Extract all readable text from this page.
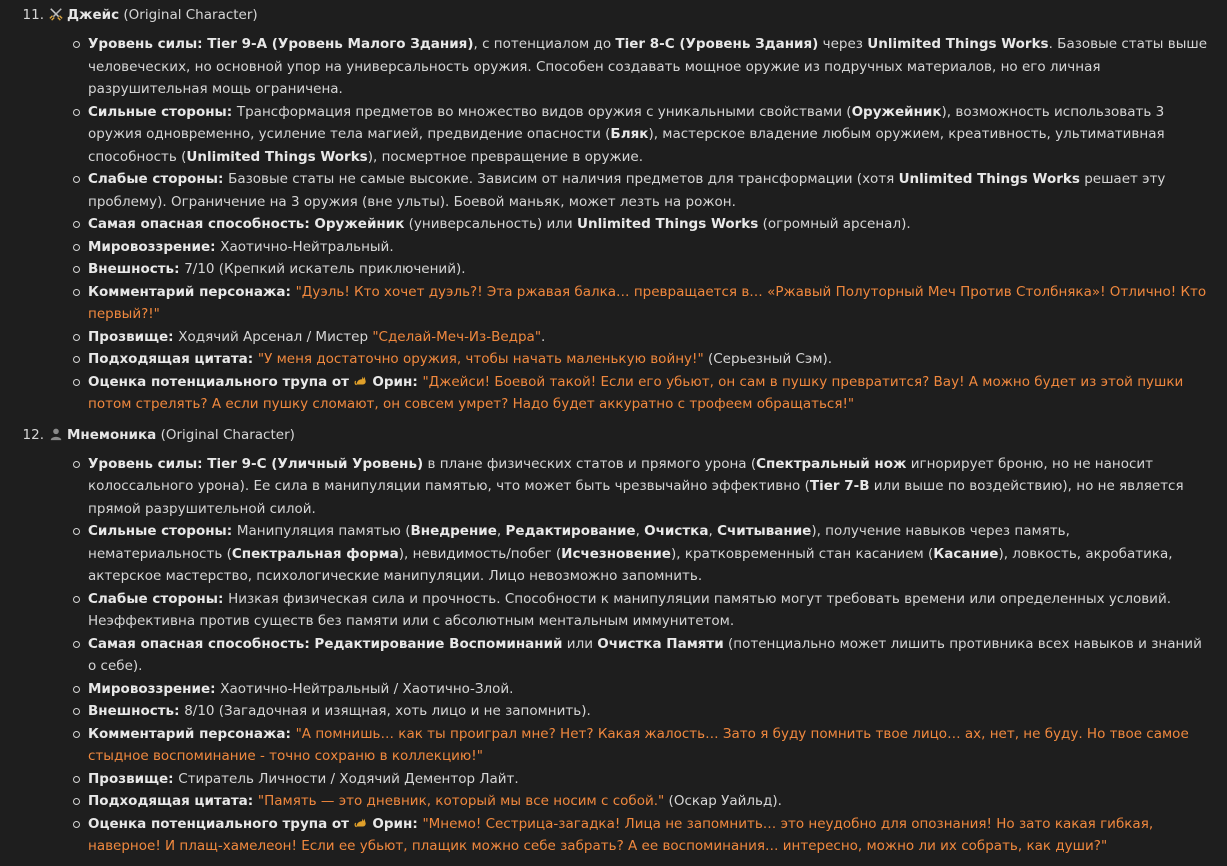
11. Джейс (Original Character)
Уровень силы: Tier 9-A (Уровень Малого Здания), с потенциалом до Tier 8-C (Уровень Здания) через Unlimited Things Works. Базовые статы выше человеческих, но основной упор на универсальность оружия. Способен создавать мощное оружие из подручных материалов, но его личная разрушительная мощь ограничена.
Сильные стороны: Трансформация предметов во множество видов оружия с уникальными свойствами (Оружейник), возможность использовать 3 оружия одновременно, усиление тела магией, предвидение опасности (Бляк), мастерское владение любым оружием, креативность, ультимативная способность (Unlimited Things Works), посмертное превращение в оружие.
Слабые стороны: Базовые статы не самые высокие. Зависим от наличия предметов для трансформации (хотя Unlimited Things Works решает эту проблему). Ограничение на 3 оружия (вне ульты). Боевой маньяк, может лезть на рожон.
Самая опасная способность: Оружейник (универсальность) или Unlimited Things Works (огромный арсенал).
Мировоззрение: Хаотично-Нейтральный.
Внешность: 7/10 (Крепкий искатель приключений).
Комментарий персонажа: "Дуэль! Кто хочет дуэль?! Эта ржавая балка… превращается в… «Ржавый Полуторный Меч Против Столбняка»! Отлично! Кто первый?!"
Прозвище: Ходячий Арсенал / Мистер "Сделай-Меч-Из-Ведра".
Подходящая цитата: "У меня достаточно оружия, чтобы начать маленькую войну!" (Серьезный Сэм).
Оценка потенциального трупа от  Орин: "Джейси! Боевой такой! Если его убьют, он сам в пушку превратится? Вау! А можно будет из этой пушки потом стрелять? А если пушку сломают, он совсем умрет? Надо будет аккуратно с трофеем обращаться!"
12. Мнемоника (Original Character)
Уровень силы: Tier 9-C (Уличный Уровень) в плане физических статов и прямого урона (Спектральный нож игнорирует броню, но не наносит колоссального урона). Ее сила в манипуляции памятью, что может быть чрезвычайно эффективно (Tier 7-B или выше по воздействию), но не является прямой разрушительной силой.
Сильные стороны: Манипуляция памятью (Внедрение, Редактирование, Очистка, Считывание), получение навыков через память, нематериальность (Спектральная форма), невидимость/побег (Исчезновение), кратковременный стан касанием (Касание), ловкость, акробатика, актерское мастерство, психологические манипуляции. Лицо невозможно запомнить.
Слабые стороны: Низкая физическая сила и прочность. Способности к манипуляции памятью могут требовать времени или определенных условий. Неэффективна против существ без памяти или с абсолютным ментальным иммунитетом.
Самая опасная способность: Редактирование Воспоминаний или Очистка Памяти (потенциально может лишить противника всех навыков и знаний о себе).
Мировоззрение: Хаотично-Нейтральный / Хаотично-Злой.
Внешность: 8/10 (Загадочная и изящная, хоть лицо и не запомнить).
Комментарий персонажа: "А помнишь… как ты проиграл мне? Нет? Какая жалость… Зато я буду помнить твое лицо… ах, нет, не буду. Но твое самое стыдное воспоминание - точно сохраню в коллекцию!"
Прозвище: Стиратель Личности / Ходячий Дементор Лайт.
Подходящая цитата: "Память — это дневник, который мы все носим с собой." (Оскар Уайльд).
Оценка потенциального трупа от  Орин: "Мнемо! Сестрица-загадка! Лица не запомнить… это неудобно для опознания! Но зато какая гибкая, наверное! И плащ-хамелеон! Если ее убьют, плащик можно себе забрать? А ее воспоминания… интересно, можно ли их собрать, как души?"
